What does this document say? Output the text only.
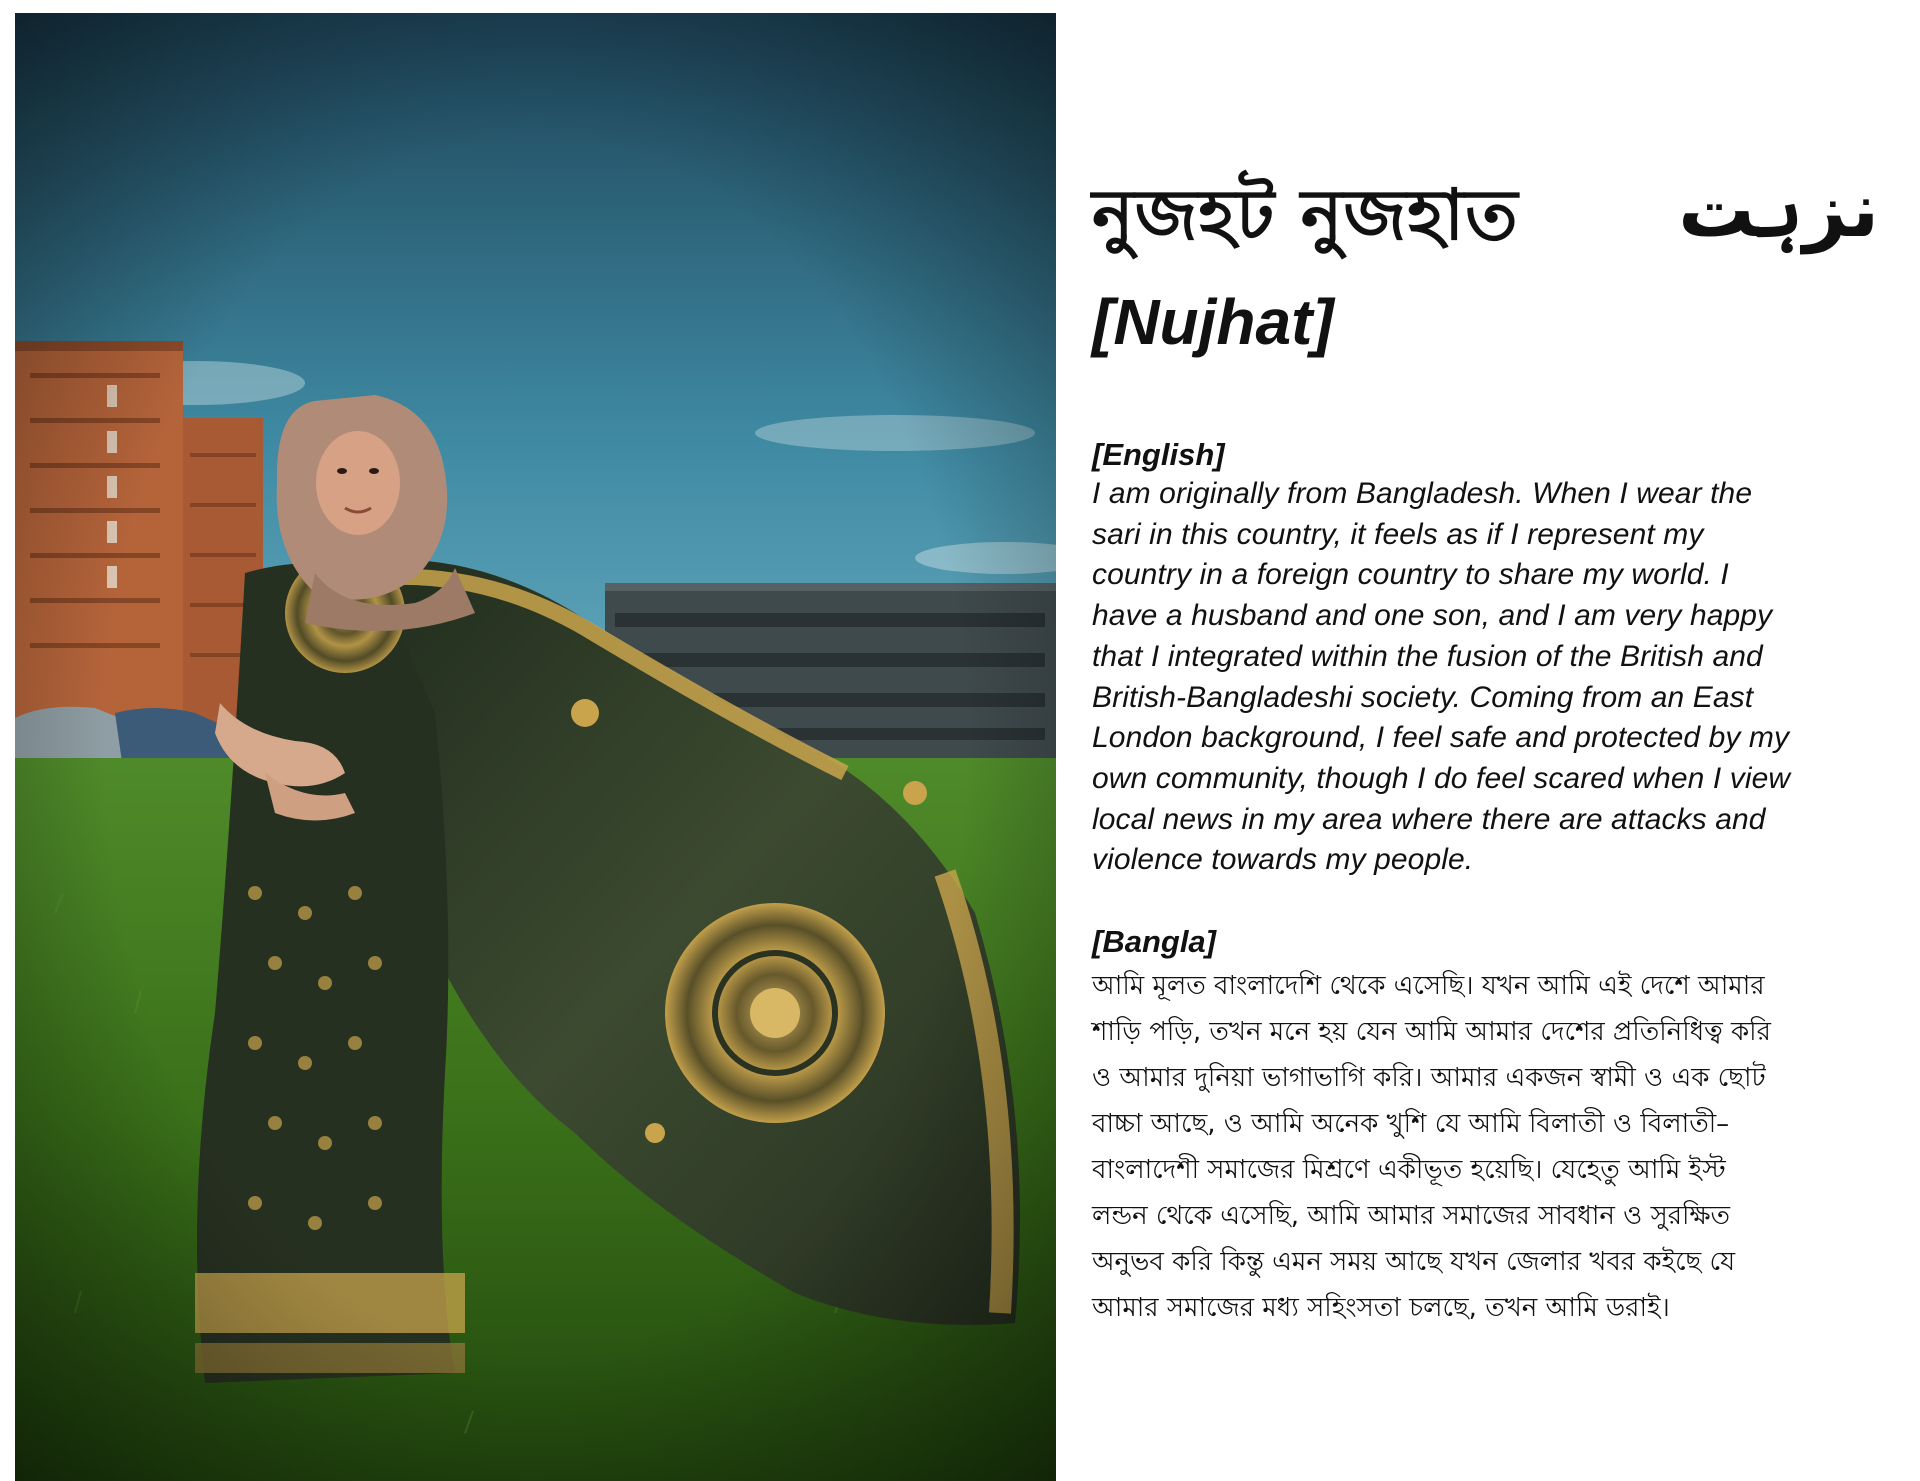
নুজহট নুজহাত نزہت
[Nujhat]
[English]
I am originally from Bangladesh. When I wear the
sari in this country, it feels as if I represent my
country in a foreign country to share my world. I
have a husband and one son, and I am very happy
that I integrated within the fusion of the British and
British-Bangladeshi society. Coming from an East
London background, I feel safe and protected by my
own community, though I do feel scared when I view
local news in my area where there are attacks and
violence towards my people.
[Bangla]
আমি মূলত বাংলাদেশি থেকে এসেছি। যখন আমি এই দেশে আমার
শাড়ি পড়ি, তখন মনে হয় যেন আমি আমার দেশের প্রতিনিধিত্ব করি
ও আমার দুনিয়া ভাগাভাগি করি। আমার একজন স্বামী ও এক ছোট
বাচ্চা আছে, ও আমি অনেক খুশি যে আমি বিলাতী ও বিলাতী–
বাংলাদেশী সমাজের মিশ্রণে একীভূত হয়েছি। যেহেতু আমি ইস্ট
লন্ডন থেকে এসেছি, আমি আমার সমাজের সাবধান ও সুরক্ষিত
অনুভব করি কিন্তু এমন সময় আছে যখন জেলার খবর কইছে যে
আমার সমাজের মধ্য সহিংসতা চলছে, তখন আমি ডরাই।
